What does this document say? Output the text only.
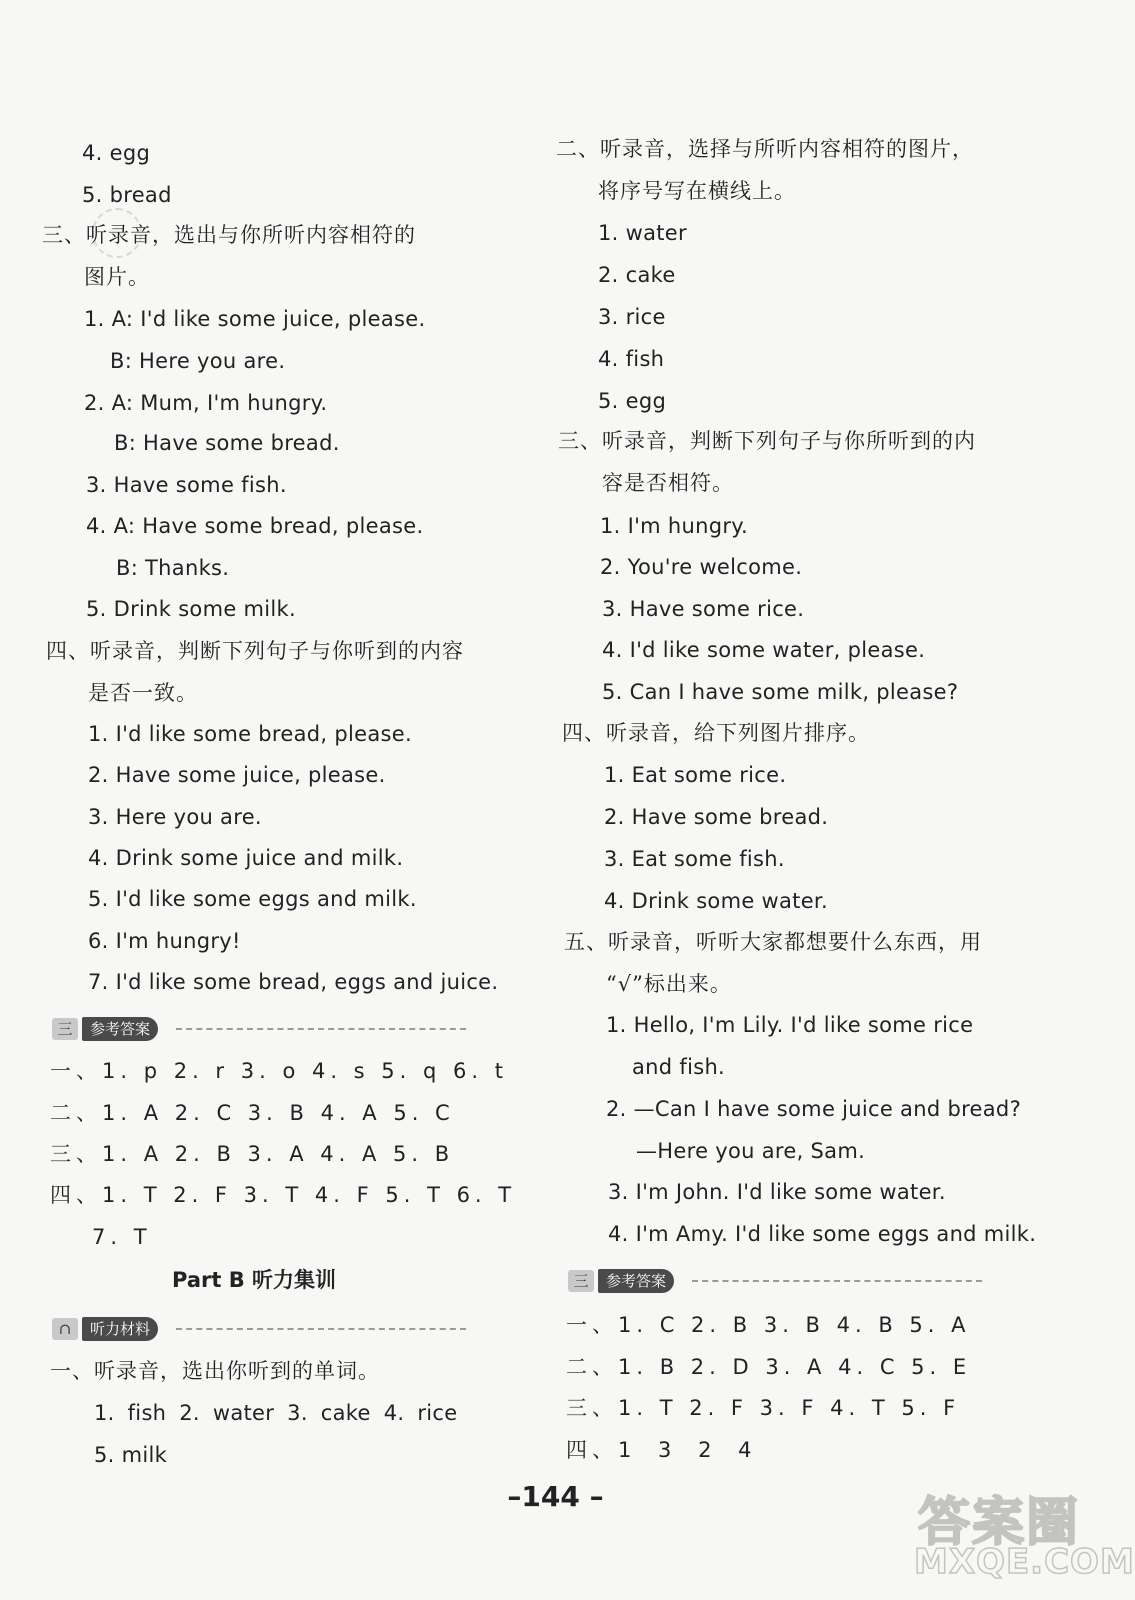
4. egg
5. bread
三、听录音，选出与你所听内容相符的
图片。
1. A: I'd like some juice, please.
B: Here you are.
2. A: Mum, I'm hungry.
B: Have some bread.
3. Have some fish.
4. A: Have some bread, please.
B: Thanks.
5. Drink some milk.
四、听录音，判断下列句子与你听到的内容
是否一致。
1. I'd like some bread, please.
2. Have some juice, please.
3. Here you are.
4. Drink some juice and milk.
5. I'd like some eggs and milk.
6. I'm hungry!
7. I'd like some bread, eggs and juice.
三	参考答案
一、1. p 2. r 3. o 4. s 5. q 6. t
二、1. A 2. C 3. B 4. A 5. C
三、1. A 2. B 3. A 4. A 5. B
四、1. T 2. F 3. T 4. F 5. T 6. T
7. T
Part B 听力集训
∩	听力材料
一、听录音，选出你听到的单词。
1. fish 2. water 3. cake 4. rice
5. milk
二、听录音，选择与所听内容相符的图片，
将序号写在横线上。
1. water
2. cake
3. rice
4. fish
5. egg
三、听录音，判断下列句子与你所听到的内
容是否相符。
1. I'm hungry.
2. You're welcome.
3. Have some rice.
4. I'd like some water, please.
5. Can I have some milk, please?
四、听录音，给下列图片排序。
1. Eat some rice.
2. Have some bread.
3. Eat some fish.
4. Drink some water.
五、听录音，听听大家都想要什么东西，用
“√”标出来。
1. Hello, I'm Lily. I'd like some rice
and fish.
2. —Can I have some juice and bread?
—Here you are, Sam.
3. I'm John. I'd like some water.
4. I'm Amy. I'd like some eggs and milk.
三	参考答案
一、1. C 2. B 3. B 4. B 5. A
二、1. B 2. D 3. A 4. C 5. E
三、1. T 2. F 3. F 4. T 5. F
四、1 3 2 4
–144 –	答案圈
MXQE.COM
